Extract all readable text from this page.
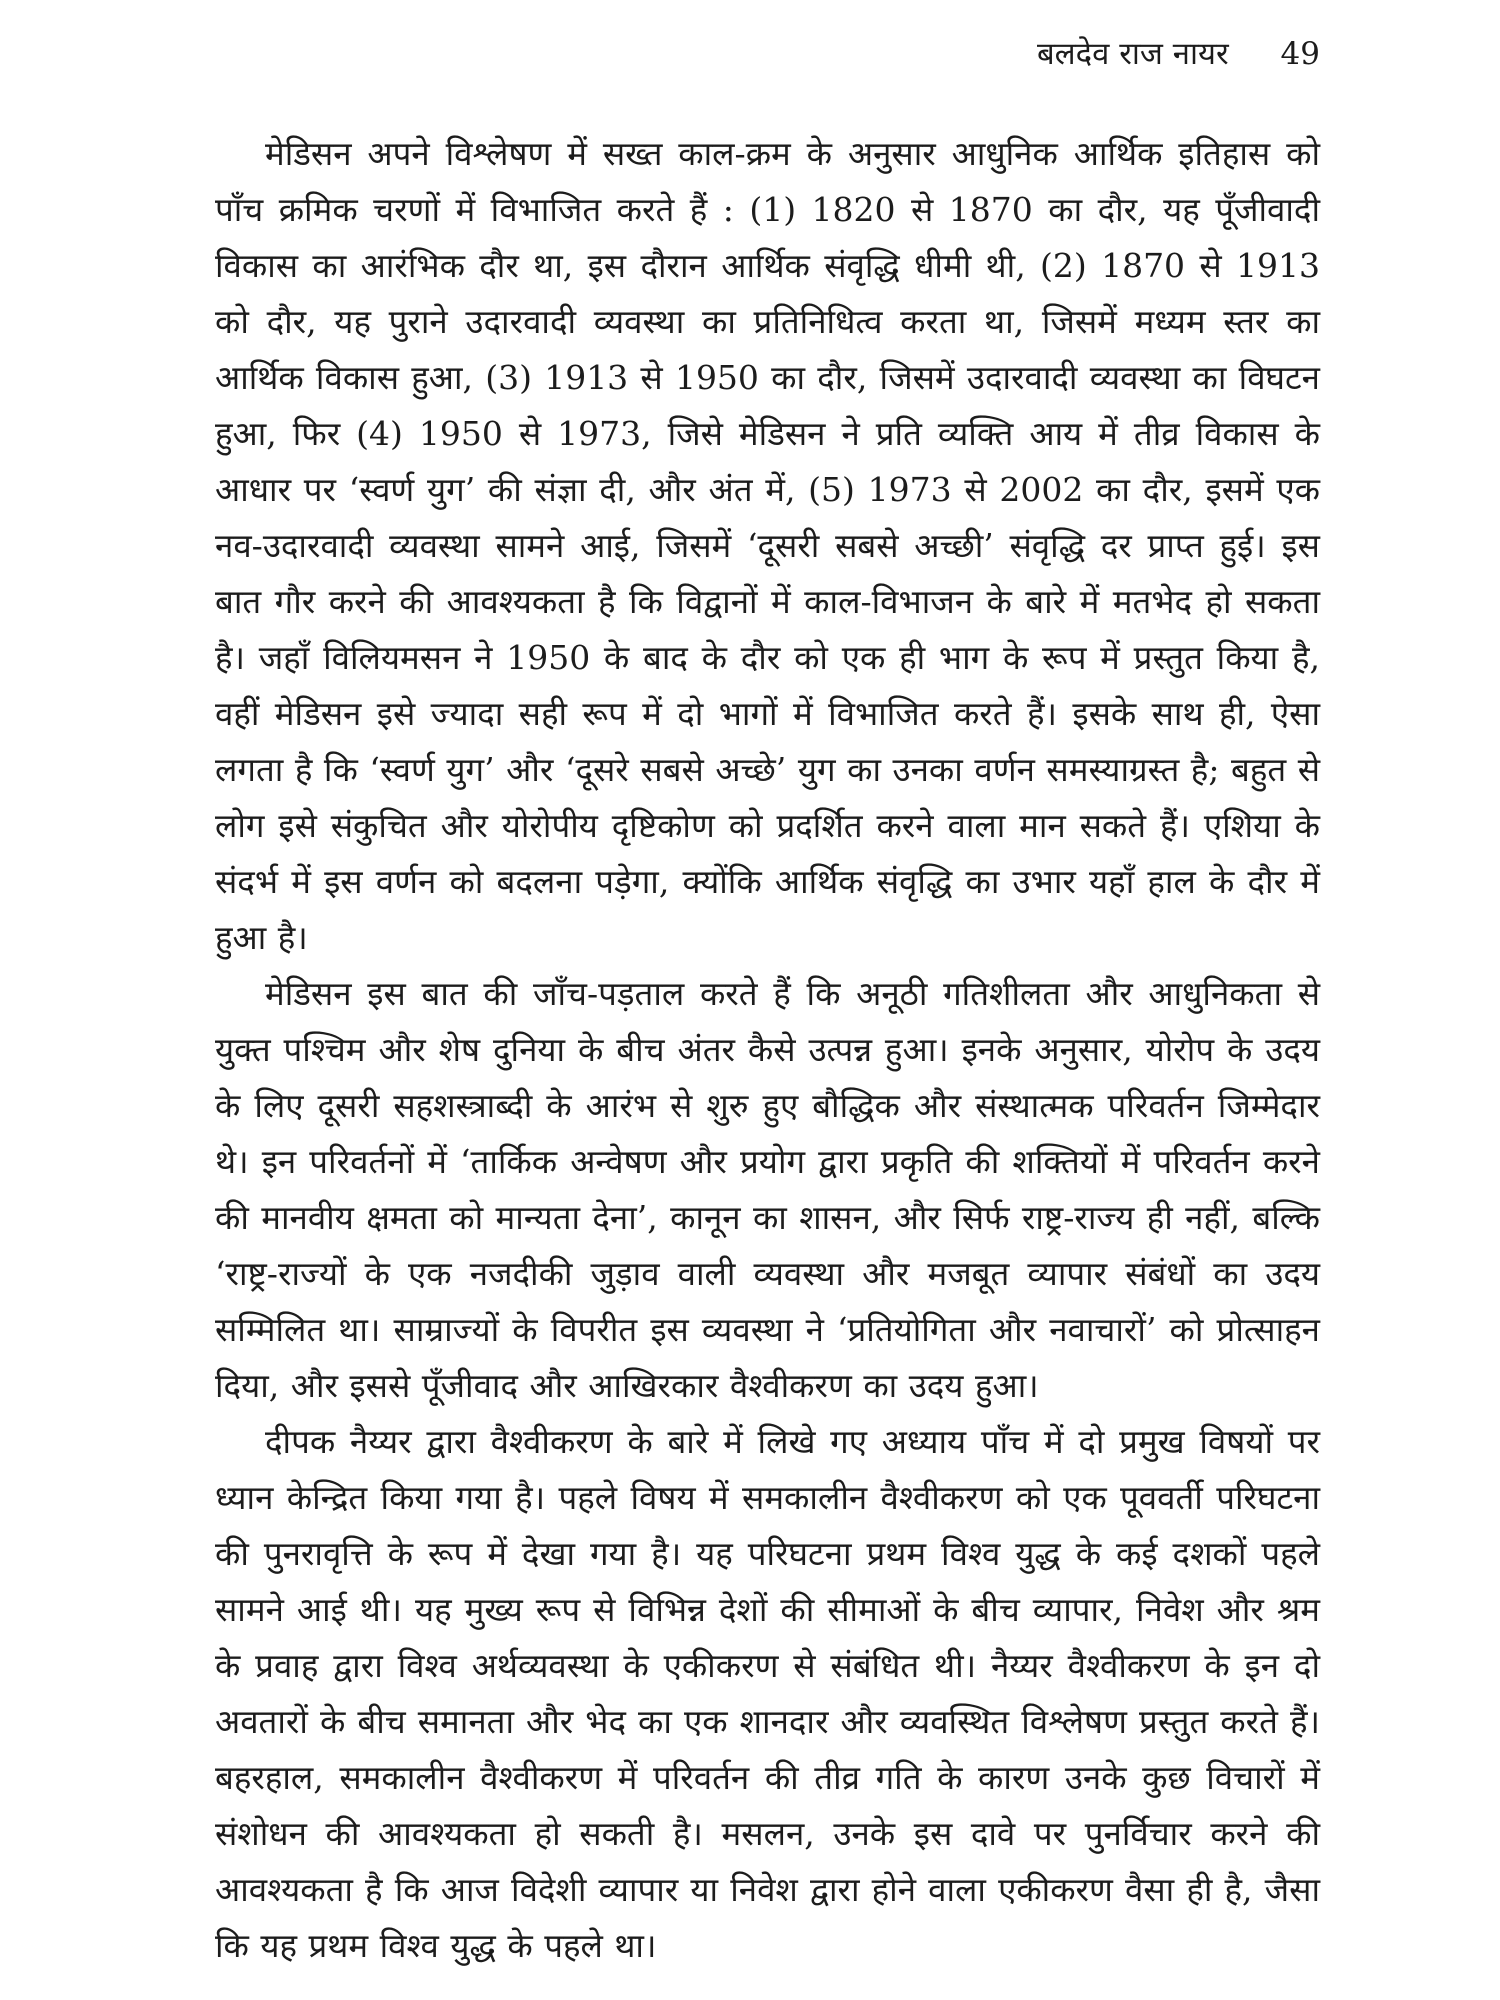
बलदेव राज नायर 49

मेडिसन अपने विश्लेषण में सख्त काल-क्रम के अनुसार आधुनिक आर्थिक इतिहास को पाँच क्रमिक चरणों में विभाजित करते हैं : (1) 1820 से 1870 का दौर, यह पूँजीवादी विकास का आरंभिक दौर था, इस दौरान आर्थिक संवृद्धि धीमी थी, (2) 1870 से 1913 को दौर, यह पुराने उदारवादी व्यवस्था का प्रतिनिधित्व करता था, जिसमें मध्यम स्तर का आर्थिक विकास हुआ, (3) 1913 से 1950 का दौर, जिसमें उदारवादी व्यवस्था का विघटन हुआ, फिर (4) 1950 से 1973, जिसे मेडिसन ने प्रति व्यक्ति आय में तीव्र विकास के आधार पर ‘स्वर्ण युग’ की संज्ञा दी, और अंत में, (5) 1973 से 2002 का दौर, इसमें एक नव-उदारवादी व्यवस्था सामने आई, जिसमें ‘दूसरी सबसे अच्छी’ संवृद्धि दर प्राप्त हुई। इस बात गौर करने की आवश्यकता है कि विद्वानों में काल-विभाजन के बारे में मतभेद हो सकता है। जहाँ विलियमसन ने 1950 के बाद के दौर को एक ही भाग के रूप में प्रस्तुत किया है, वहीं मेडिसन इसे ज्यादा सही रूप में दो भागों में विभाजित करते हैं। इसके साथ ही, ऐसा लगता है कि ‘स्वर्ण युग’ और ‘दूसरे सबसे अच्छे’ युग का उनका वर्णन समस्याग्रस्त है; बहुत से लोग इसे संकुचित और योरोपीय दृष्टिकोण को प्रदर्शित करने वाला मान सकते हैं। एशिया के संदर्भ में इस वर्णन को बदलना पड़ेगा, क्योंकि आर्थिक संवृद्धि का उभार यहाँ हाल के दौर में हुआ है।

मेडिसन इस बात की जाँच-पड़ताल करते हैं कि अनूठी गतिशीलता और आधुनिकता से युक्त पश्चिम और शेष दुनिया के बीच अंतर कैसे उत्पन्न हुआ। इनके अनुसार, योरोप के उदय के लिए दूसरी सहशस्त्राब्दी के आरंभ से शुरु हुए बौद्धिक और संस्थात्मक परिवर्तन जिम्मेदार थे। इन परिवर्तनों में ‘तार्किक अन्वेषण और प्रयोग द्वारा प्रकृति की शक्तियों में परिवर्तन करने की मानवीय क्षमता को मान्यता देना’, कानून का शासन, और सिर्फ राष्ट्र-राज्य ही नहीं, बल्कि ‘राष्ट्र-राज्यों के एक नजदीकी जुड़ाव वाली व्यवस्था और मजबूत व्यापार संबंधों का उदय सम्मिलित था। साम्राज्यों के विपरीत इस व्यवस्था ने ‘प्रतियोगिता और नवाचारों’ को प्रोत्साहन दिया, और इससे पूँजीवाद और आखिरकार वैश्वीकरण का उदय हुआ।

दीपक नैय्यर द्वारा वैश्वीकरण के बारे में लिखे गए अध्याय पाँच में दो प्रमुख विषयों पर ध्यान केन्द्रित किया गया है। पहले विषय में समकालीन वैश्वीकरण को एक पूववर्ती परिघटना की पुनरावृत्ति के रूप में देखा गया है। यह परिघटना प्रथम विश्व युद्ध के कई दशकों पहले सामने आई थी। यह मुख्य रूप से विभिन्न देशों की सीमाओं के बीच व्यापार, निवेश और श्रम के प्रवाह द्वारा विश्व अर्थव्यवस्था के एकीकरण से संबंधित थी। नैय्यर वैश्वीकरण के इन दो अवतारों के बीच समानता और भेद का एक शानदार और व्यवस्थित विश्लेषण प्रस्तुत करते हैं। बहरहाल, समकालीन वैश्वीकरण में परिवर्तन की तीव्र गति के कारण उनके कुछ विचारों में संशोधन की आवश्यकता हो सकती है। मसलन, उनके इस दावे पर पुनर्विचार करने की आवश्यकता है कि आज विदेशी व्यापार या निवेश द्वारा होने वाला एकीकरण वैसा ही है, जैसा कि यह प्रथम विश्व युद्ध के पहले था।
